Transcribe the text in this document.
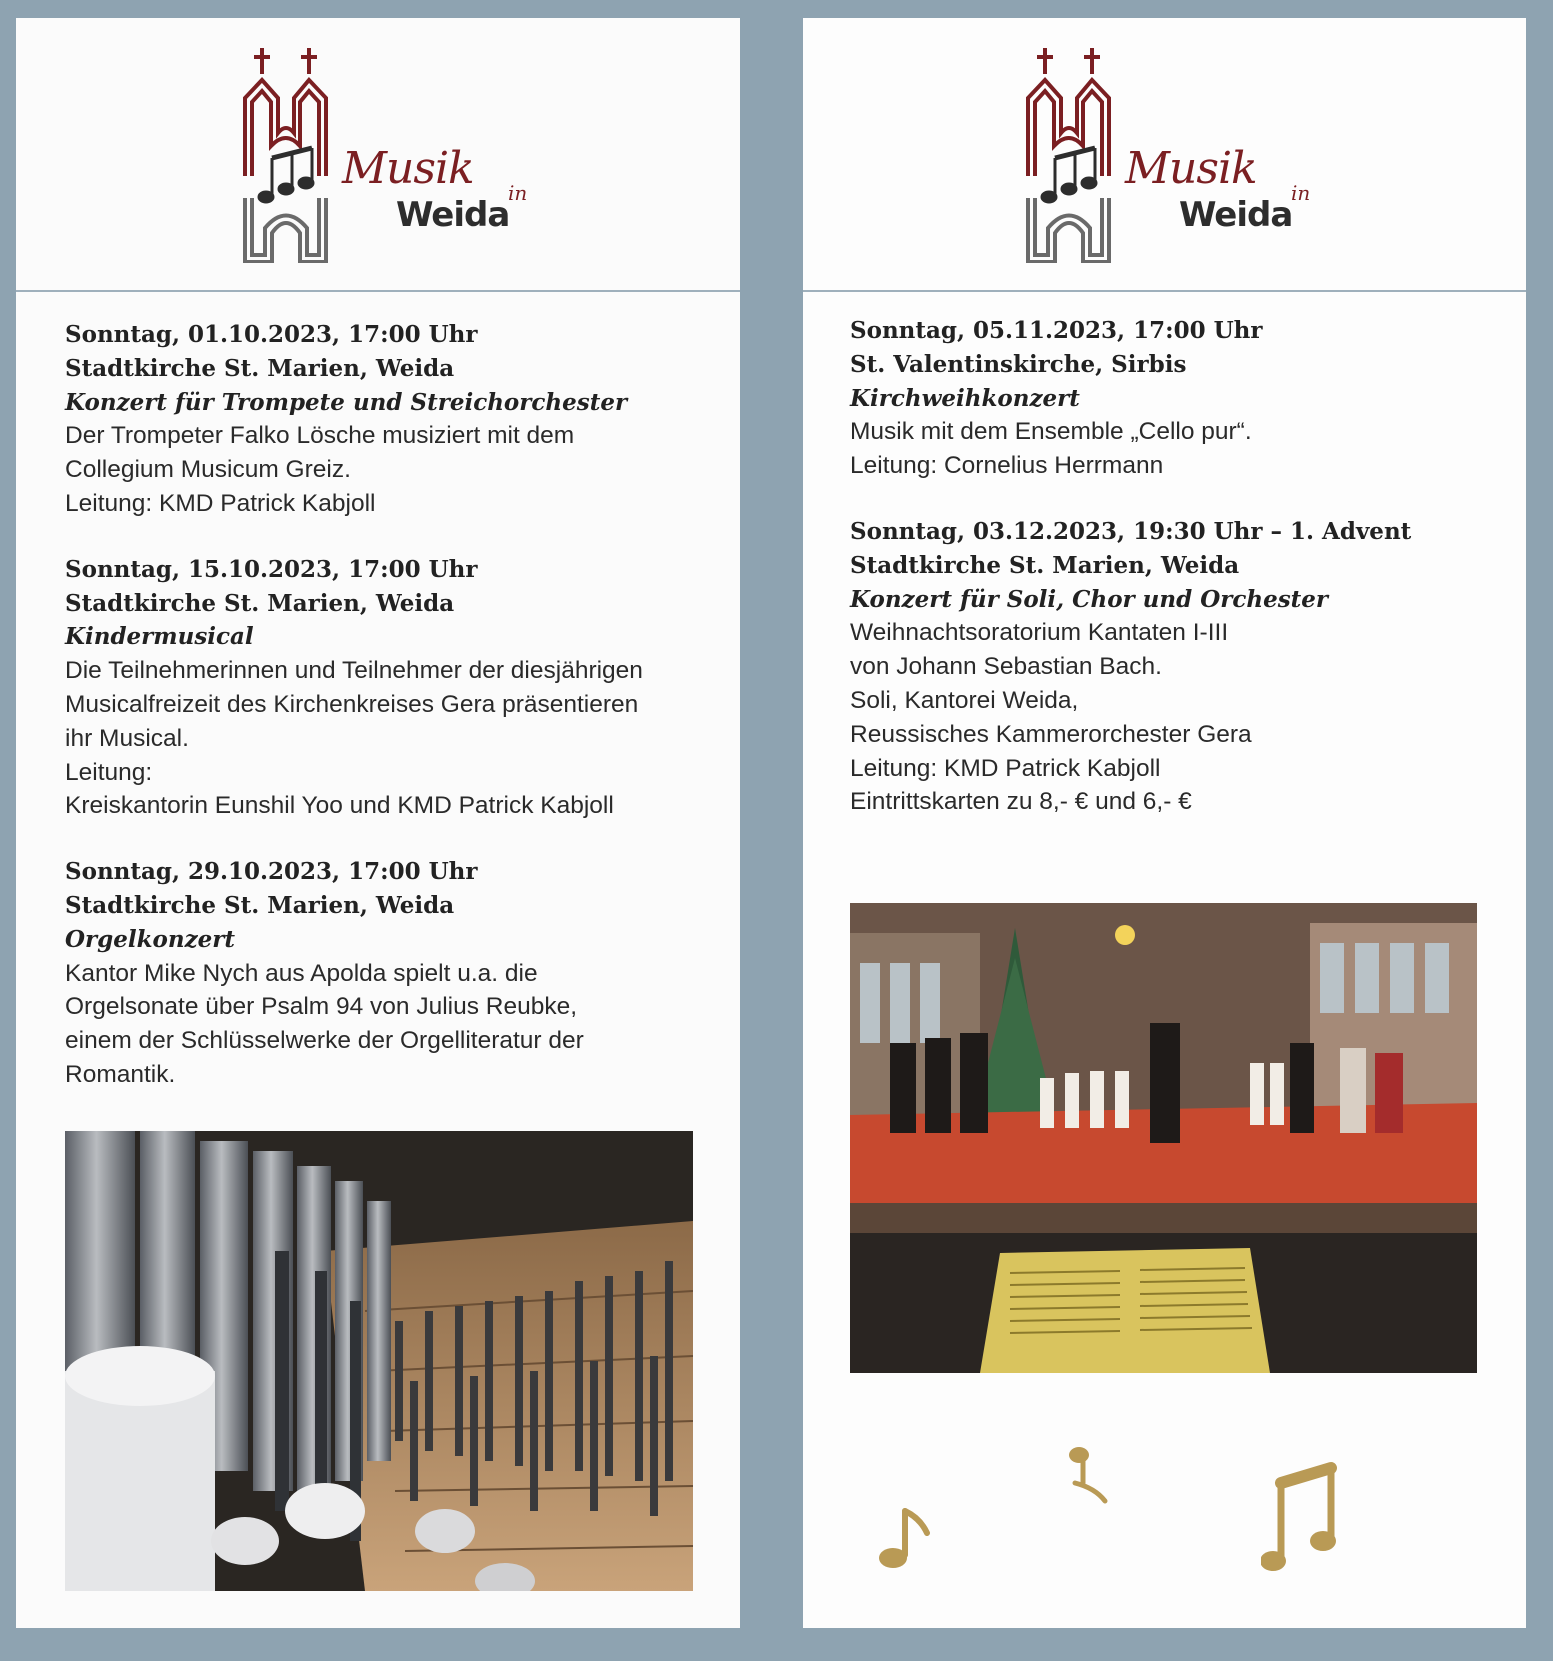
Musik in
Weida
Sonntag, 01.10.2023, 17:00 Uhr
Stadtkirche St. Marien, Weida
Konzert für Trompete und Streichorchester
Der Trompeter Falko Lösche musiziert mit dem
Collegium Musicum Greiz.
Leitung: KMD Patrick Kabjoll
Sonntag, 15.10.2023, 17:00 Uhr
Stadtkirche St. Marien, Weida
Kindermusical
Die Teilnehmerinnen und Teilnehmer der diesjährigen
Musicalfreizeit des Kirchenkreises Gera präsentieren
ihr Musical.
Leitung:
Kreiskantorin Eunshil Yoo und KMD Patrick Kabjoll
Sonntag, 29.10.2023, 17:00 Uhr
Stadtkirche St. Marien, Weida
Orgelkonzert
Kantor Mike Nych aus Apolda spielt u.a. die
Orgelsonate über Psalm 94 von Julius Reubke,
einem der Schlüsselwerke der Orgelliteratur der
Romantik.
Musik in
Weida
Sonntag, 05.11.2023, 17:00 Uhr
St. Valentinskirche, Sirbis
Kirchweihkonzert
Musik mit dem Ensemble „Cello pur“.
Leitung: Cornelius Herrmann
Sonntag, 03.12.2023, 19:30 Uhr – 1. Advent
Stadtkirche St. Marien, Weida
Konzert für Soli, Chor und Orchester
Weihnachtsoratorium Kantaten I-III
von Johann Sebastian Bach.
Soli, Kantorei Weida,
Reussisches Kammerorchester Gera
Leitung: KMD Patrick Kabjoll
Eintrittskarten zu 8,- € und 6,- €
